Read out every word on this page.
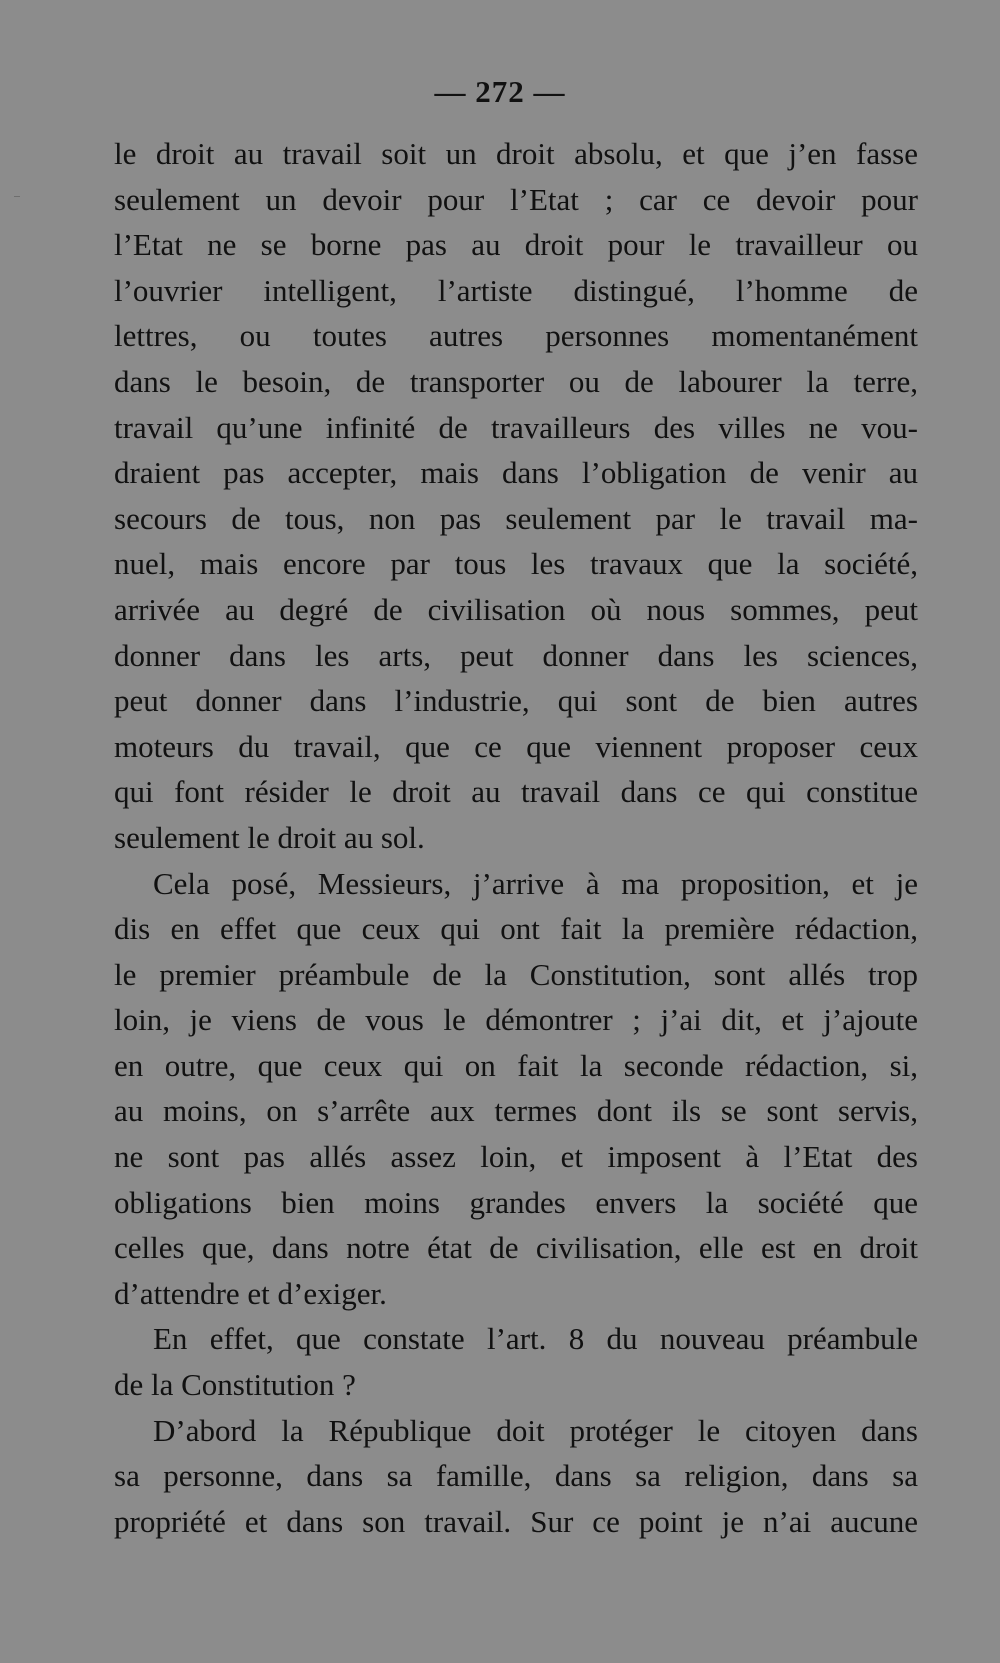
— 272 —
le droit au travail soit un droit absolu, et que j’en fasse
seulement un devoir pour l’Etat ; car ce devoir pour
l’Etat ne se borne pas au droit pour le travailleur ou
l’ouvrier intelligent, l’artiste distingué, l’homme de
lettres, ou toutes autres personnes momentanément
dans le besoin, de transporter ou de labourer la terre,
travail qu’une infinité de travailleurs des villes ne vou-
draient pas accepter, mais dans l’obligation de venir au
secours de tous, non pas seulement par le travail ma-
nuel, mais encore par tous les travaux que la société,
arrivée au degré de civilisation où nous sommes, peut
donner dans les arts, peut donner dans les sciences,
peut donner dans l’industrie, qui sont de bien autres
moteurs du travail, que ce que viennent proposer ceux
qui font résider le droit au travail dans ce qui constitue
seulement le droit au sol.
Cela posé, Messieurs, j’arrive à ma proposition, et je
dis en effet que ceux qui ont fait la première rédaction,
le premier préambule de la Constitution, sont allés trop
loin, je viens de vous le démontrer ; j’ai dit, et j’ajoute
en outre, que ceux qui on fait la seconde rédaction, si,
au moins, on s’arrête aux termes dont ils se sont servis,
ne sont pas allés assez loin, et imposent à l’Etat des
obligations bien moins grandes envers la société que
celles que, dans notre état de civilisation, elle est en droit
d’attendre et d’exiger.
En effet, que constate l’art. 8 du nouveau préambule
de la Constitution ?
D’abord la République doit protéger le citoyen dans
sa personne, dans sa famille, dans sa religion, dans sa
propriété et dans son travail. Sur ce point je n’ai aucune
